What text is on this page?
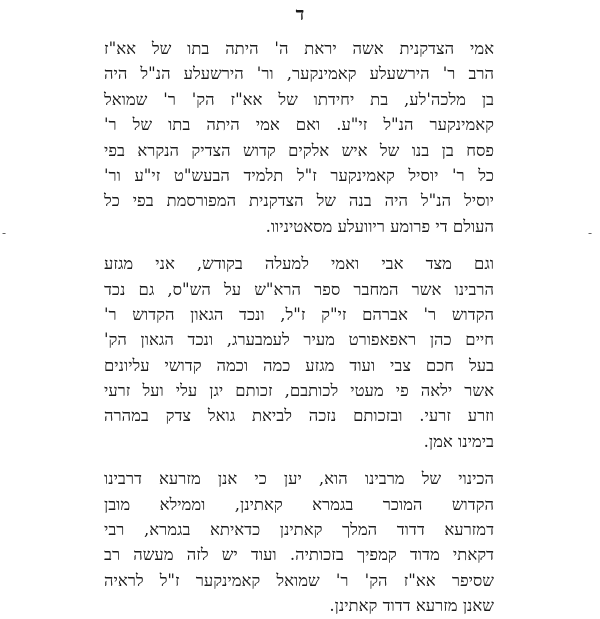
ד
-	-
אמי הצדקנית אשה יראת ה' היתה בתו של אא"ז
הרב ר' הירשעלע קאמינקער, ור' הירשעלע הנ"ל היה
בן מלכה'לע, בת יחידתו של אא"ז הק' ר' שמואל
קאמינקער הנ"ל זי"ע. ואם אמי היתה בתו של ר'
פסח בן בנו של איש אלקים קדוש הצדיק הנקרא בפי
כל ר' יוסיל קאמינקער ז"ל תלמיד הבעש"ט זי"ע ור'
יוסיל הנ"ל היה בנה של הצדקנית המפורסמת בפי כל
העולם די פרומע ריוועלע מסאטיניוו.
וגם מצד אבי ואמי למעלה בקודש, אני מגזע
הרבינו אשר המחבר ספר הרא"ש על הש"ס, גם נכד
הקדוש ר' אברהם זי"ק ז"ל, ונכד הגאון הקדוש ר'
חיים כהן ראפאפורט מעיר לעמבערג, ונכד הגאון הק'
בעל חכם צבי ועוד מגזע כמה וכמה קדושי עליונים
אשר ילאה פי מעטי לכותבם, זכותם יגן עלי ועל זרעי
וזרע זרעי. ובזכותם נזכה לביאת גואל צדק במהרה
בימינו אמן.
הכינוי של מרבינו הוא, יען כי אנן מזרעא דרבינו
הקדוש המוכר בגמרא קאתינן, וממילא מובן
דמזרעא דדוד המלך קאתינן כדאיתא בגמרא, רבי
דקאתי מדוד קמפיך בזכותיה. ועוד יש לזה מעשה רב
שסיפר אא"ז הק' ר' שמואל קאמינקער ז"ל לראיה
שאנן מזרעא דדוד קאתינן.
